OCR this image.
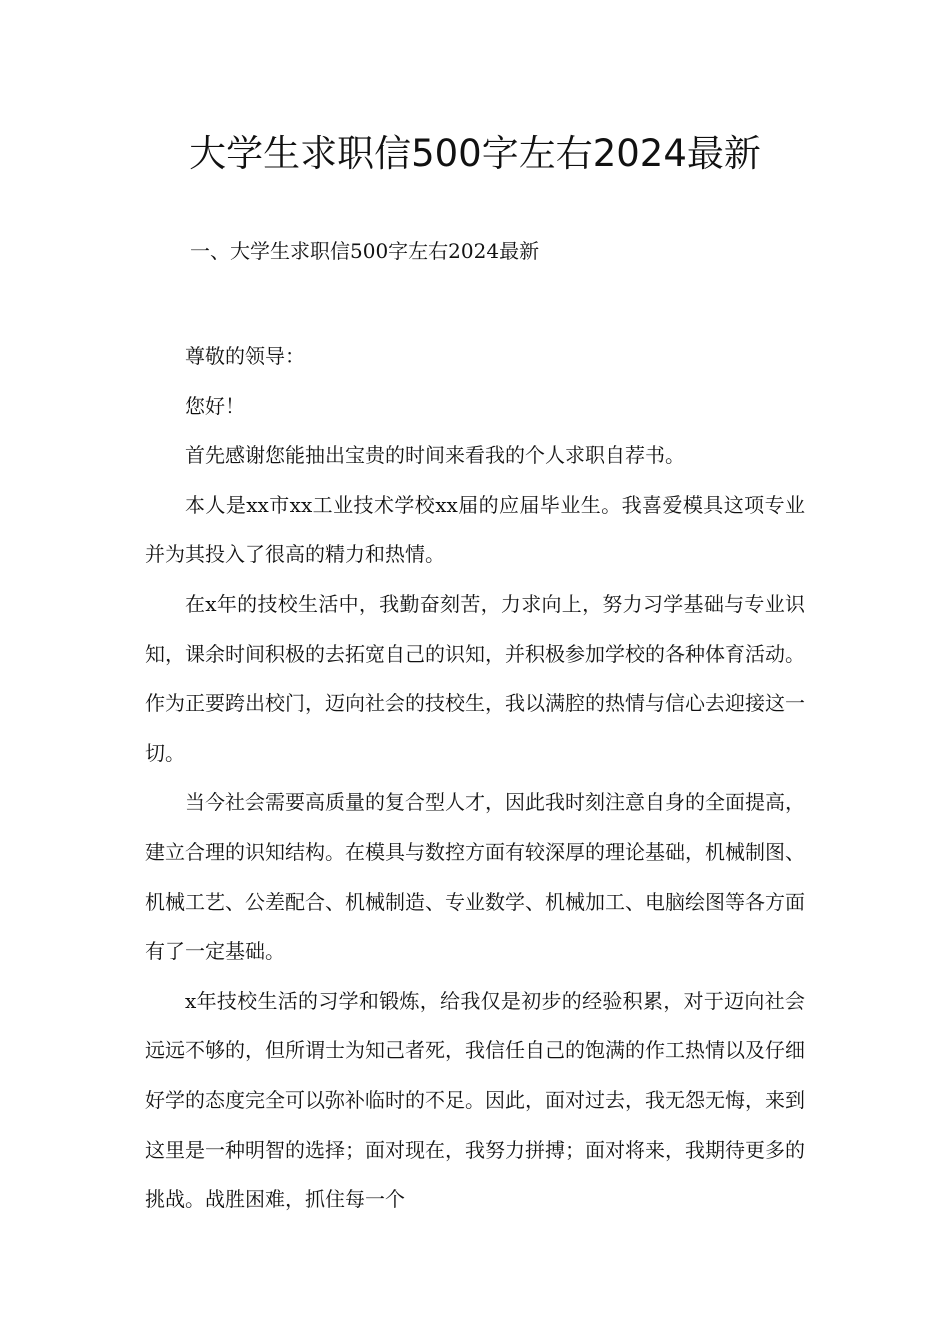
大学生求职信500字左右2024最新
一、大学生求职信500字左右2024最新

尊敬的领导：

您好！

首先感谢您能抽出宝贵的时间来看我的个人求职自荐书。

本人是xx市xx工业技术学校xx届的应届毕业生。我喜爱模具这项专业并为其投入了很高的精力和热情。

在x年的技校生活中，我勤奋刻苦，力求向上，努力习学基础与专业识知，课余时间积极的去拓宽自己的识知，并积极参加学校的各种体育活动。作为正要跨出校门，迈向社会的技校生，我以满腔的热情与信心去迎接这一切。

当今社会需要高质量的复合型人才，因此我时刻注意自身的全面提高，建立合理的识知结构。在模具与数控方面有较深厚的理论基础，机械制图、机械工艺、公差配合、机械制造、专业数学、机械加工、电脑绘图等各方面有了一定基础。

x年技校生活的习学和锻炼，给我仅是初步的经验积累，对于迈向社会远远不够的，但所谓士为知己者死，我信任自己的饱满的作工热情以及仔细好学的态度完全可以弥补临时的不足。因此，面对过去，我无怨无悔，来到这里是一种明智的选择；面对现在，我努力拼搏；面对将来，我期待更多的挑战。战胜困难，抓住每一个
